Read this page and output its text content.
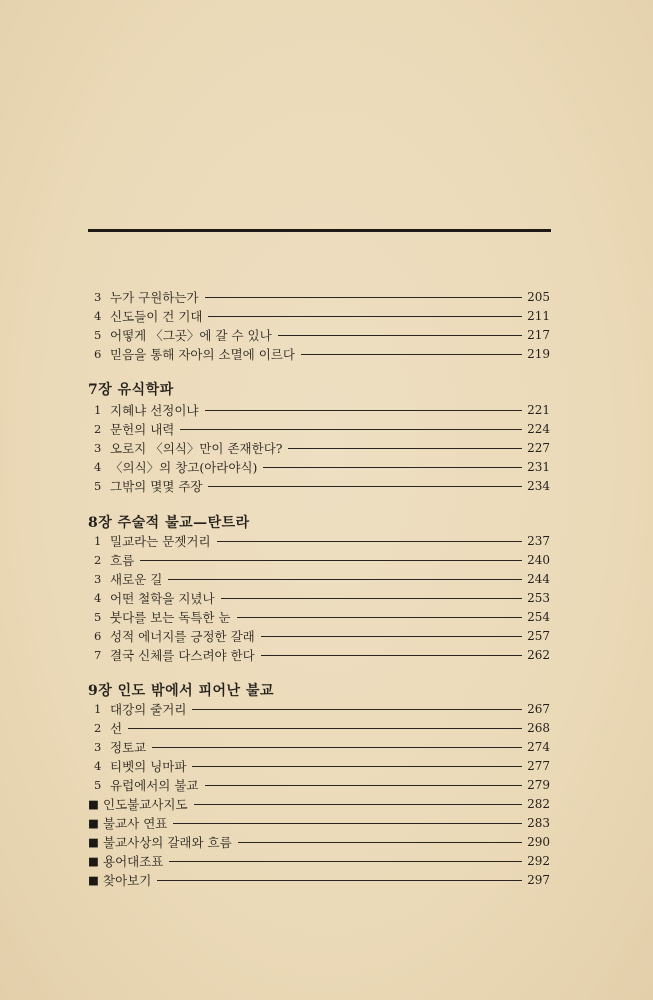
3 누가 구원하는가	205
4 신도들이 건 기대	211
5 어떻게 〈그곳〉에 갈 수 있나	217
6 믿음을 통해 자아의 소멸에 이르다	219
7장 유식학파
1 지혜냐 선정이냐	221
2 문헌의 내력	224
3 오로지 〈의식〉만이 존재한다?	227
4 〈의식〉의 창고(아라야식)	231
5 그밖의 몇몇 주장	234
8장 주술적 불교—탄트라
1 밀교라는 문젯거리	237
2 흐름	240
3 새로운 길	244
4 어떤 철학을 지녔나	253
5 붓다를 보는 독특한 눈	254
6 성적 에너지를 긍정한 갈래	257
7 결국 신체를 다스려야 한다	262
9장 인도 밖에서 피어난 불교
1 대강의 줄거리	267
2 선	268
3 정토교	274
4 티벳의 닝마파	277
5 유럽에서의 불교	279
■ 인도불교사지도	282
■ 불교사 연표	283
■ 불교사상의 갈래와 흐름	290
■ 용어대조표	292
■ 찾아보기	297
